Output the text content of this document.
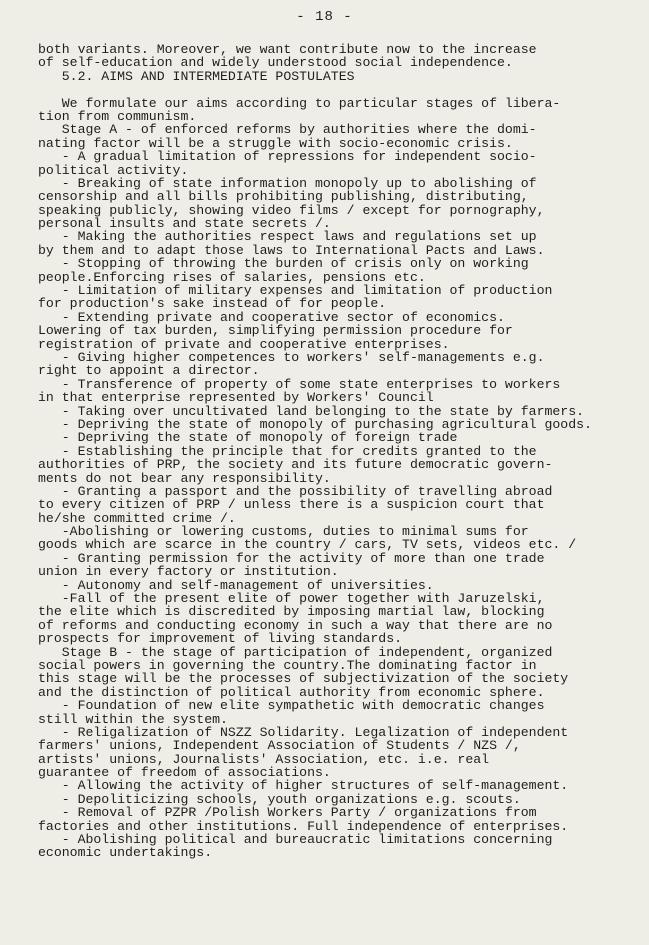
- 18 -
both variants. Moreover, we want contribute now to the increase
of self-education and widely understood social independence.
5.2. AIMS AND INTERMEDIATE POSTULATES
We formulate our aims according to particular stages of libera-
tion from communism.
Stage A - of enforced reforms by authorities where the domi-
nating factor will be a struggle with socio-economic crisis.
- A gradual limitation of repressions for independent socio-
political activity.
- Breaking of state information monopoly up to abolishing of
censorship and all bills prohibiting publishing, distributing,
speaking publicly, showing video films / except for pornography,
personal insults and state secrets /.
- Making the authorities respect laws and regulations set up
by them and to adapt those laws to International Pacts and Laws.
- Stopping of throwing the burden of crisis only on working
people.Enforcing rises of salaries, pensions etc.
- Limitation of military expenses and limitation of production
for production's sake instead of for people.
- Extending private and cooperative sector of economics.
Lowering of tax burden, simplifying permission procedure for
registration of private and cooperative enterprises.
- Giving higher competences to workers' self-managements e.g.
right to appoint a director.
- Transference of property of some state enterprises to workers
in that enterprise represented by Workers' Council
- Taking over uncultivated land belonging to the state by farmers.
- Depriving the state of monopoly of purchasing agricultural goods.
- Depriving the state of monopoly of foreign trade
- Establishing the principle that for credits granted to the
authorities of PRP, the society and its future democratic govern-
ments do not bear any responsibility.
- Granting a passport and the possibility of travelling abroad
to every citizen of PRP / unless there is a suspicion court that
he/she committed crime /.
-Abolishing or lowering customs, duties to minimal sums for
goods which are scarce in the country / cars, TV sets, videos etc. /
- Granting permission for the activity of more than one trade
union in every factory or institution.
- Autonomy and self-management of universities.
-Fall of the present elite of power together with Jaruzelski,
the elite which is discredited by imposing martial law, blocking
of reforms and conducting economy in such a way that there are no
prospects for improvement of living standards.
Stage B - the stage of participation of independent, organized
social powers in governing the country.The dominating factor in
this stage will be the processes of subjectivization of the society
and the distinction of political authority from economic sphere.
- Foundation of new elite sympathetic with democratic changes
still within the system.
- Religalization of NSZZ Solidarity. Legalization of independent
farmers' unions, Independent Association of Students / NZS /,
artists' unions, Journalists' Association, etc. i.e. real
guarantee of freedom of associations.
- Allowing the activity of higher structures of self-management.
- Depoliticizing schools, youth organizations e.g. scouts.
- Removal of PZPR /Polish Workers Party / organizations from
factories and other institutions. Full independence of enterprises.
- Abolishing political and bureaucratic limitations concerning
economic undertakings.
